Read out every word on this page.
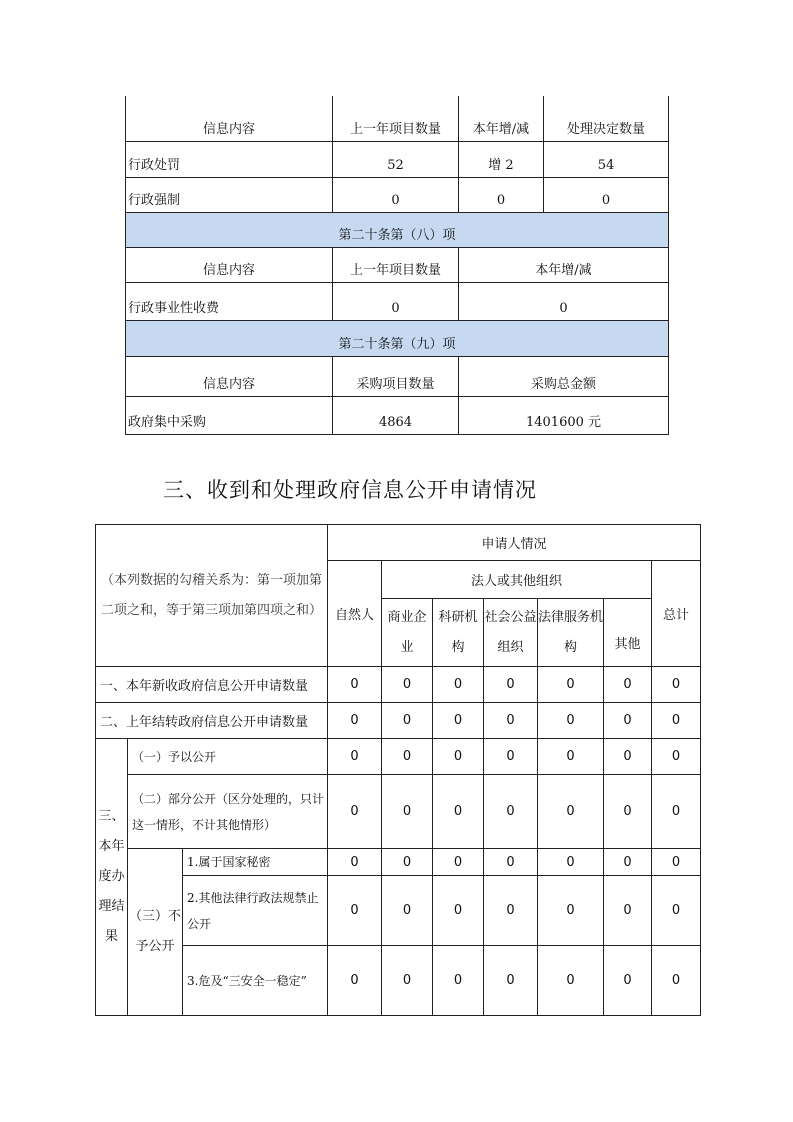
信息内容	上一年项目数量	本年增/减	处理决定数量
行政处罚	52	增 2	54
行政强制	0	0	0
第二十条第（八）项			
信息内容	上一年项目数量	本年增/减	
行政事业性收费	0	0	
第二十条第（九）项			
信息内容	采购项目数量	采购总金额	
政府集中采购	4864	1401600 元	
三、收到和处理政府信息公开申请情况
（本列数据的勾稽关系为：第一项加第二项之和，等于第三项加第四项之和）			申请人情况						
			自然人	法人或其他组织					总计
				商业企业	科研机构	社会公益组织	法律服务机构	其他	
一、本年新收政府信息公开申请数量			0	0	0	0	0	0	0
二、上年结转政府信息公开申请数量			0	0	0	0	0	0	0
三、本年度办理结果	（一）予以公开		0	0	0	0	0	0	0
	（二）部分公开（区分处理的，只计这一情形，不计其他情形）		0	0	0	0	0	0	0
	（三）不予公开	1.属于国家秘密	0	0	0	0	0	0	0
		2.其他法律行政法规禁止公开	0	0	0	0	0	0	0
		3.危及“三安全一稳定”	0	0	0	0	0	0	0
